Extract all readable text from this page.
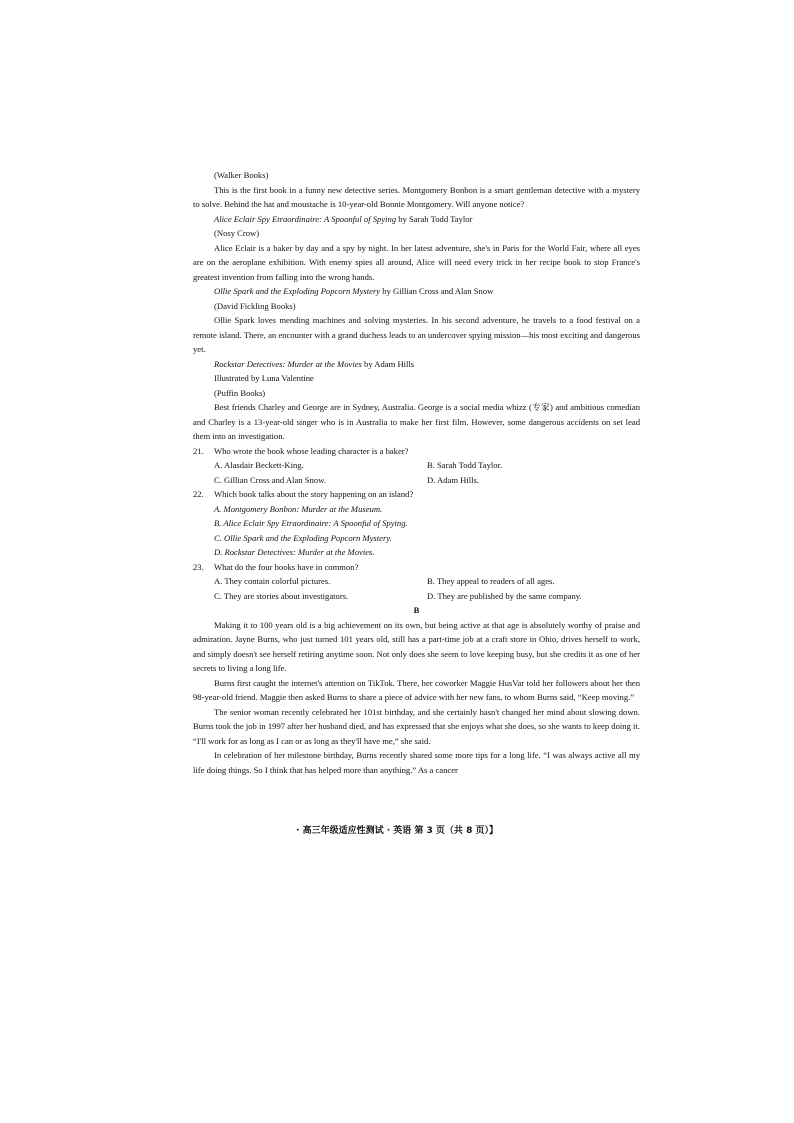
(Walker Books)

This is the first book in a funny new detective series. Montgomery Bonbon is a smart gentleman detective with a mystery to solve. Behind the hat and moustache is 10-year-old Bonnie Montgomery. Will anyone notice?

Alice Eclair Spy Etraordinaire: A Spoonful of Spying by Sarah Todd Taylor

(Nosy Crow)

Alice Eclair is a baker by day and a spy by night. In her latest adventure, she's in Paris for the World Fair, where all eyes are on the aeroplane exhibition. With enemy spies all around, Alice will need every trick in her recipe book to stop France's greatest invention from falling into the wrong hands.

Ollie Spark and the Exploding Popcorn Mystery by Gillian Cross and Alan Snow

(David Fickling Books)

Ollie Spark loves mending machines and solving mysteries. In his second adventure, he travels to a food festival on a remote island. There, an encounter with a grand duchess leads to an undercover spying mission—his most exciting and dangerous yet.

Rockstar Detectives: Murder at the Movies by Adam Hills

Illustrated by Luna Valentine

(Puffin Books)

Best friends Charley and George are in Sydney, Australia. George is a social media whizz (专家) and ambitious comedian and Charley is a 13-year-old singer who is in Australia to make her first film. However, some dangerous accidents on set lead them into an investigation.

21. Who wrote the book whose leading character is a baker?

A. Alasdair Beckett-King.	B. Sarah Todd Taylor.
C. Gillian Cross and Alan Snow.	D. Adam Hills.

22. Which book talks about the story happening on an island?

A. Montgomery Bonbon: Murder at the Museum.

B. Alice Eclair Spy Etraordinaire: A Spoonful of Spying.

C. Ollie Spark and the Exploding Popcorn Mystery.

D. Rockstar Detectives: Murder at the Movies.

23. What do the four books have in common?

A. They contain colorful pictures.	B. They appeal to readers of all ages.
C. They are stories about investigators.	D. They are published by the same company.

B

Making it to 100 years old is a big achievement on its own, but being active at that age is absolutely worthy of praise and admiration. Jayne Burns, who just turned 101 years old, still has a part-time job at a craft store in Ohio, drives herself to work, and simply doesn't see herself retiring anytime soon. Not only does she seem to love keeping busy, but she credits it as one of her secrets to living a long life.

Burns first caught the internet's attention on TikTok. There, her coworker Maggie HusVar told her followers about her then 98-year-old friend. Maggie then asked Burns to share a piece of advice with her new fans, to whom Burns said, “Keep moving.”

The senior woman recently celebrated her 101st birthday, and she certainly hasn't changed her mind about slowing down. Burns took the job in 1997 after her husband died, and has expressed that she enjoys what she does, so she wants to keep doing it. “I'll work for as long as I can or as long as they'll have me,” she said.

In celebration of her milestone birthday, Burns recently shared some more tips for a long life. “I was always active all my life doing things. So I think that has helped more than anything.” As a cancer

· 高三年级适应性测试 · 英语 第 3 页（共 8 页）】
